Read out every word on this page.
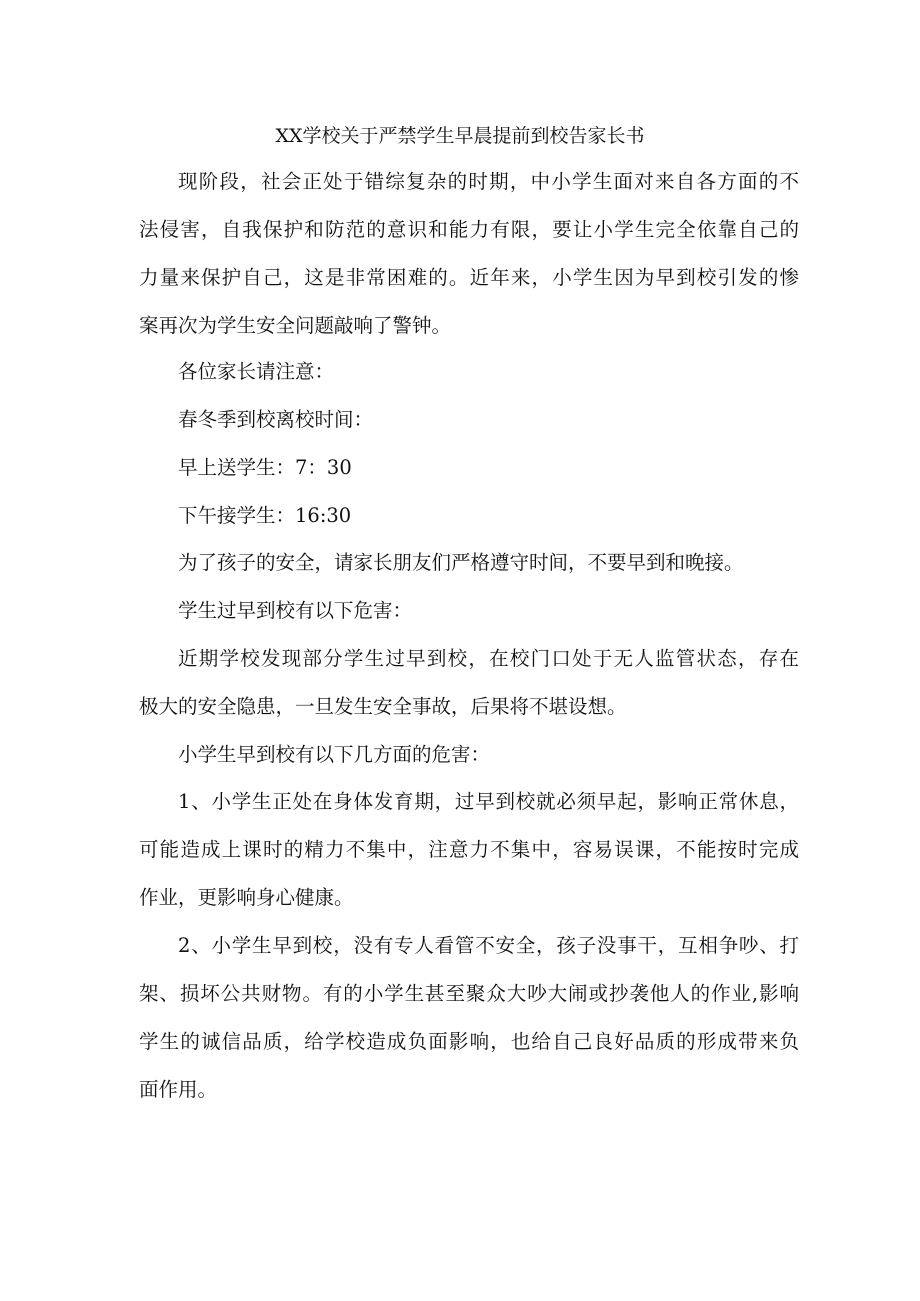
XX学校关于严禁学生早晨提前到校告家长书
现阶段，社会正处于错综复杂的时期，中小学生面对来自各方面的不
法侵害，自我保护和防范的意识和能力有限，要让小学生完全依靠自己的
力量来保护自己，这是非常困难的。近年来，小学生因为早到校引发的惨
案再次为学生安全问题敲响了警钟。
各位家长请注意：
春冬季到校离校时间：
早上送学生：7：30
下午接学生：16:30
为了孩子的安全，请家长朋友们严格遵守时间，不要早到和晚接。
学生过早到校有以下危害：
近期学校发现部分学生过早到校，在校门口处于无人监管状态，存在
极大的安全隐患，一旦发生安全事故，后果将不堪设想。
小学生早到校有以下几方面的危害：
1、小学生正处在身体发育期，过早到校就必须早起，影响正常休息，
可能造成上课时的精力不集中，注意力不集中，容易误课，不能按时完成
作业，更影响身心健康。
2、小学生早到校，没有专人看管不安全，孩子没事干，互相争吵、打
架、损坏公共财物。有的小学生甚至聚众大吵大闹或抄袭他人的作业,影响
学生的诚信品质，给学校造成负面影响，也给自己良好品质的形成带来负
面作用。
